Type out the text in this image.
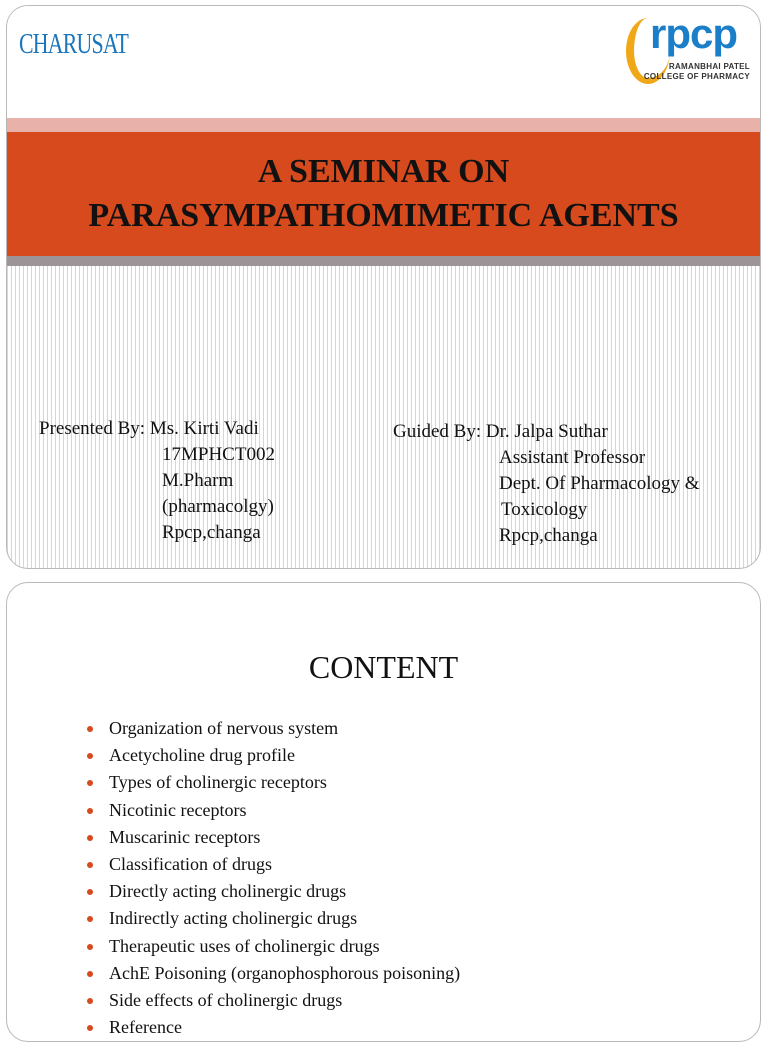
CHARUSAT	rpcp
RAMANBHAI PATEL
COLLEGE OF PHARMACY
A SEMINAR ON
PARASYMPATHOMIMETIC AGENTS
Presented By: Ms. Kirti Vadi
17MPHCT002
M.Pharm
(pharmacolgy)
Rpcp,changa
Guided By: Dr. Jalpa Suthar
Assistant Professor
Dept. Of Pharmacology &
Toxicology
Rpcp,changa
CONTENT
Organization of nervous system
Acetycholine drug profile
Types of cholinergic receptors
Nicotinic receptors
Muscarinic receptors
Classification of drugs
Directly acting cholinergic drugs
Indirectly acting cholinergic drugs
Therapeutic uses of cholinergic drugs
AchE Poisoning (organophosphorous poisoning)
Side effects of cholinergic drugs
Reference
